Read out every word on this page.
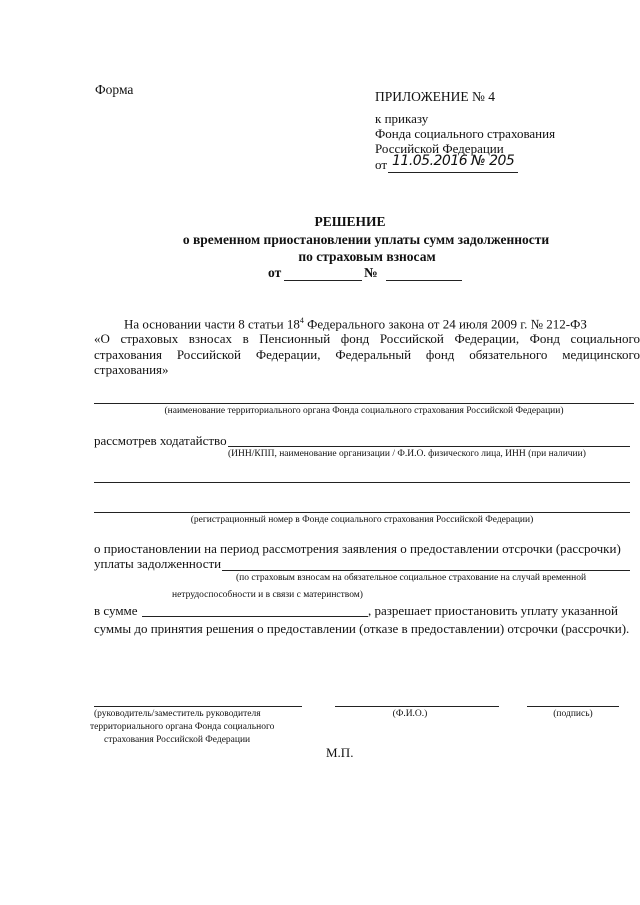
Форма	ПРИЛОЖЕНИЕ № 4
к приказу
Фонда социального страхования
Российской Федерации
от 11.05.2016 № 205
РЕШЕНИЕ
о временном приостановлении уплаты сумм задолженности
по страховым взносам
от	№
На основании части 8 статьи $18^4$ Федерального закона от 24 июля 2009 г. № 212-ФЗ
«О страховых взносах в Пенсионный фонд Российской Федерации, Фонд социального
страхования Российской Федерации, Федеральный фонд обязательного медицинского
страхования»
(наименование территориального органа Фонда социального страхования Российской Федерации)
рассмотрев ходатайство
(ИНН/КПП, наименование организации / Ф.И.О. физического лица, ИНН (при наличии)
(регистрационный номер в Фонде социального страхования Российской Федерации)
о приостановлении на период рассмотрения заявления о предоставлении отсрочки (рассрочки)
уплаты задолженности
(по страховым взносам на обязательное социальное страхование на случай временной
нетрудоспособности и в связи с материнством)
в сумме	, разрешает приостановить уплату указанной
суммы до принятия решения о предоставлении (отказе в предоставлении) отсрочки (рассрочки).
(руководитель/заместитель руководителя
территориального органа Фонда социального
страхования Российской Федерации
(Ф.И.О.)	(подпись)
М.П.
